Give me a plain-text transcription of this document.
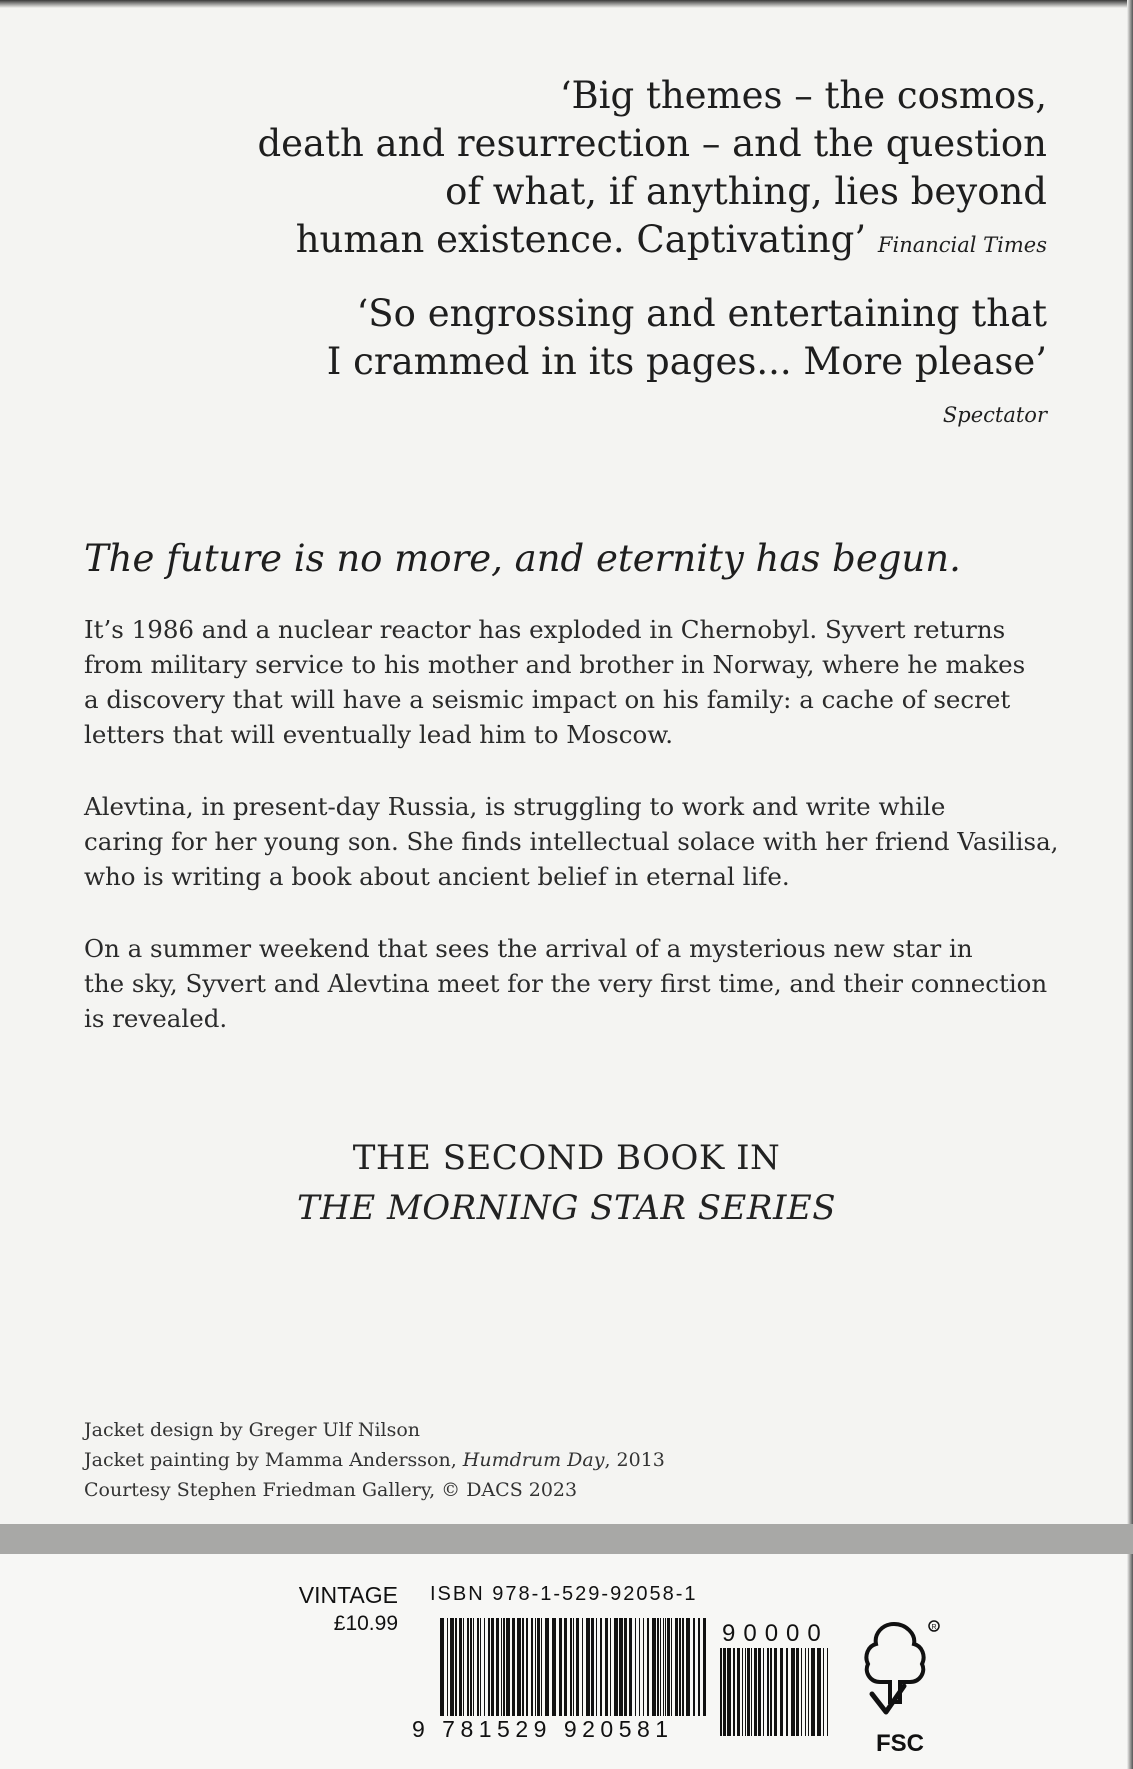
‘Big themes – the cosmos,
death and resurrection – and the question
of what, if anything, lies beyond
human existence. Captivating’ Financial Times
‘So engrossing and entertaining that
I crammed in its pages... More please’ Spectator
The future is no more, and eternity has begun.
It’s 1986 and a nuclear reactor has exploded in Chernobyl. Syvert returns
from military service to his mother and brother in Norway, where he makes
a discovery that will have a seismic impact on his family: a cache of secret
letters that will eventually lead him to Moscow.
Alevtina, in present-day Russia, is struggling to work and write while
caring for her young son. She finds intellectual solace with her friend Vasilisa,
who is writing a book about ancient belief in eternal life.
On a summer weekend that sees the arrival of a mysterious new star in
the sky, Syvert and Alevtina meet for the very first time, and their connection
is revealed.
THE SECOND BOOK IN
THE MORNING STAR SERIES
Jacket design by Greger Ulf Nilson
Jacket painting by Mamma Andersson, Humdrum Day, 2013
Courtesy Stephen Friedman Gallery, © DACS 2023
VINTAGE
£10.99
ISBN 978-1-529-92058-1
9 781529 920581
90000	R
FSC
